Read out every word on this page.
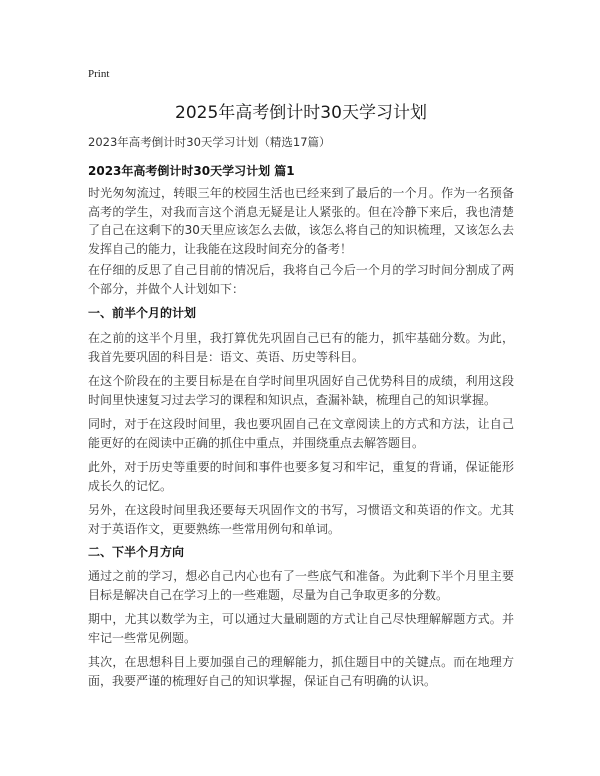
Print
2025年高考倒计时30天学习计划
2023年高考倒计时30天学习计划（精选17篇）
2023年高考倒计时30天学习计划 篇1

时光匆匆流过，转眼三年的校园生活也已经来到了最后的一个月。作为一名预备高考的学生，对我而言这个消息无疑是让人紧张的。但在冷静下来后，我也清楚了自己在这剩下的30天里应该怎么去做，该怎么将自己的知识梳理，又该怎么去发挥自己的能力，让我能在这段时间充分的备考！

在仔细的反思了自己目前的情况后，我将自己今后一个月的学习时间分割成了两个部分，并做个人计划如下：

一、前半个月的计划

在之前的这半个月里，我打算优先巩固自己已有的能力，抓牢基础分数。为此，我首先要巩固的科目是：语文、英语、历史等科目。

在这个阶段在的主要目标是在自学时间里巩固好自己优势科目的成绩，利用这段时间里快速复习过去学习的课程和知识点，查漏补缺，梳理自己的知识掌握。

同时，对于在这段时间里，我也要巩固自己在文章阅读上的方式和方法，让自己能更好的在阅读中正确的抓住中重点，并围绕重点去解答题目。

此外，对于历史等重要的时间和事件也要多复习和牢记，重复的背诵，保证能形成长久的记忆。

另外，在这段时间里我还要每天巩固作文的书写，习惯语文和英语的作文。尤其对于英语作文，更要熟练一些常用例句和单词。

二、下半个月方向

通过之前的学习，想必自己内心也有了一些底气和准备。为此剩下半个月里主要目标是解决自己在学习上的一些难题，尽量为自己争取更多的分数。

期中，尤其以数学为主，可以通过大量刷题的方式让自己尽快理解解题方式。并牢记一些常见例题。

其次，在思想科目上要加强自己的理解能力，抓住题目中的关键点。而在地理方面，我要严谨的梳理好自己的知识掌握，保证自己有明确的认识。
